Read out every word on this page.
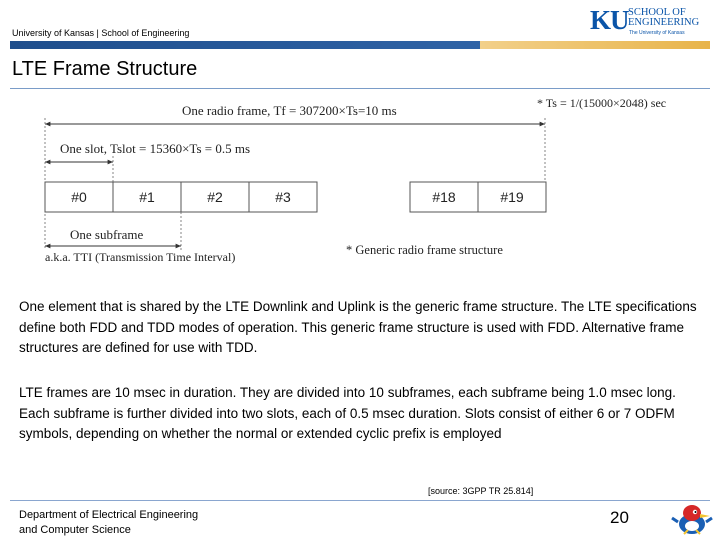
University of Kansas | School of Engineering	KU SCHOOL OF
ENGINEERING
The University of Kansas
LTE Frame Structure
One radio frame, Tf = 307200×Ts=10 ms	* Ts = 1/(15000×2048) sec
One slot, Tslot = 15360×Ts = 0.5 ms
#0	#1	#2	#3	#18	#19
One subframe
a.k.a. TTI (Transmission Time Interval)	* Generic radio frame structure

One element that is shared by the LTE Downlink and Uplink is the generic frame structure. The LTE specifications define both FDD and TDD modes of operation. This generic frame structure is used with FDD. Alternative frame structures are defined for use with TDD.

LTE frames are 10 msec in duration. They are divided into 10 subframes, each subframe being 1.0 msec long. Each subframe is further divided into two slots, each of 0.5 msec duration. Slots consist of either 6 or 7 ODFM symbols, depending on whether the normal or extended cyclic prefix is employed

[source: 3GPP TR 25.814]
Department of Electrical Engineering
and Computer Science
20
